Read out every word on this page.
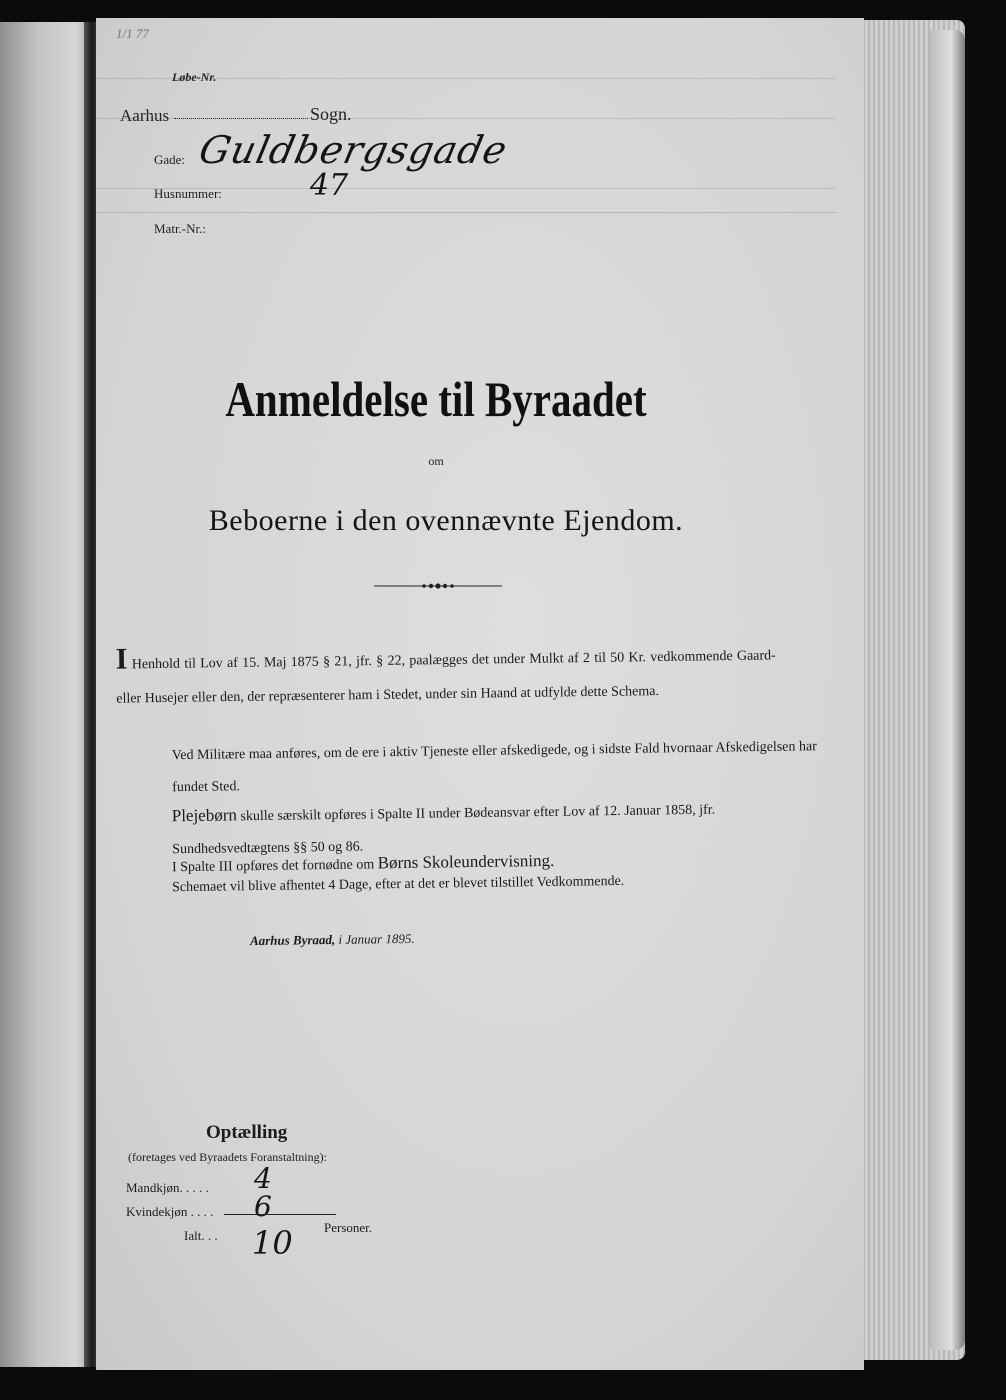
1/1 77
Løbe-Nr.
Aarhus	Sogn.
Gade: Guldbergsgade
Husnummer:	47
Matr.-Nr.:
Anmeldelse til Byraadet
om
Beboerne i den ovennævnte Ejendom.
I Henhold til Lov af 15. Maj 1875 § 21, jfr. § 22, paalægges det under Mulkt af 2 til 50 Kr. vedkommende Gaard- eller Husejer eller den, der repræsenterer ham i Stedet, under sin Haand at udfylde dette Schema.
Ved Militære maa anføres, om de ere i aktiv Tjeneste eller afskedigede, og i sidste Fald hvornaar Afskedigelsen har fundet Sted.
Plejebørn skulle særskilt opføres i Spalte II under Bødeansvar efter Lov af 12. Januar 1858, jfr. Sundhedsvedtægtens §§ 50 og 86.
I Spalte III opføres det fornødne om Børns Skoleundervisning.
Schemaet vil blive afhentet 4 Dage, efter at det er blevet tilstillet Vedkommende.
Aarhus Byraad, i Januar 1895.
Optælling
(foretages ved Byraadets Foranstaltning):
Mandkjøn. . . . . 4
Kvindekjøn . . . . 6
Ialt. . . 10 Personer.
